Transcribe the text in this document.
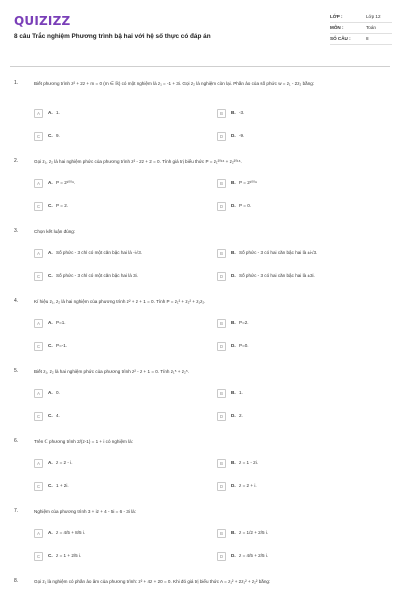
QUIZIZZ
8 câu Trắc nghiệm Phương trình bậ hai với hệ số thực có đáp án
LỚP :	Lớp 12
MÔN :	Toán
SỐ CÂU :	8
1.	Biết phương trình z² + 2z + m = 0 (m ∈ ℝ) có một nghiệm là z₁ = -1 + 3i. Gọi z₂ là nghiệm còn lại. Phần ảo của số phức w = z₁ - 2z₂ bằng:
A	A. 1.	B	B. -3.
C	C. 9.	D	D. -9.
2.	Gọi z₁, z₂ là hai nghiệm phức của phương trình z² - 2z + 2 = 0. Tính giá trị biểu thức P = z₁²⁰¹⁶ + z₂²⁰¹⁶.
A	A. P = 2¹⁰⁰⁹.	B	B. P = 2¹⁰⁰⁹
C	C. P = 2.	D	D. P = 0.
3.	Chọn kết luận đúng:
A	A. Số phức - 3 chỉ có một căn bậc hai là -i√3.	B	B. Số phức - 3 có hai căn bậc hai là ±i√3.
C	C. Số phức - 3 chỉ có một căn bậc hai là 3i.	D	D. Số phức - 3 có hai căn bậc hai là ±3i.
4.	Kí hiệu z₁, z₂ là hai nghiệm của phương trình z² + z + 1 = 0. Tính P = z₁² + z₂² + z₁z₂.
A	A. P=1.	B	B. P=2.
C	C. P=-1.	D	D. P=0.
5.	Biết z₁, z₂ là hai nghiệm phức của phương trình z² - z + 1 = 0. Tính z₁⁵ + z₂⁵.
A	A. 0.	B	B. 1.
C	C. 4.	D	D. 2.
6.	Trên ℂ phương trình 2/(z-1) = 1 + i có nghiệm là:
A	A. z = 2 - i.	B	B. z = 1 - 2i.
C	C. 1 + 2i.	D	D. z = 2 + i.
7.	Nghiệm của phương trình 3 + iz + 4 - 5i = 6 - 3i là:
A	A. z = 4/5 + 8/5 i.	B	B. z = 1/2 + 2/5 i.
C	C. z = 1 + 2/5 i.	D	D. z = 4/5 + 2/5 i.
8.	Gọi z₁ là nghiệm có phần ảo âm của phương trình: z² + 4z + 20 = 0. Khi đó giá trị biểu thức A = z₁² + 2z₁² + z₂² bằng:
